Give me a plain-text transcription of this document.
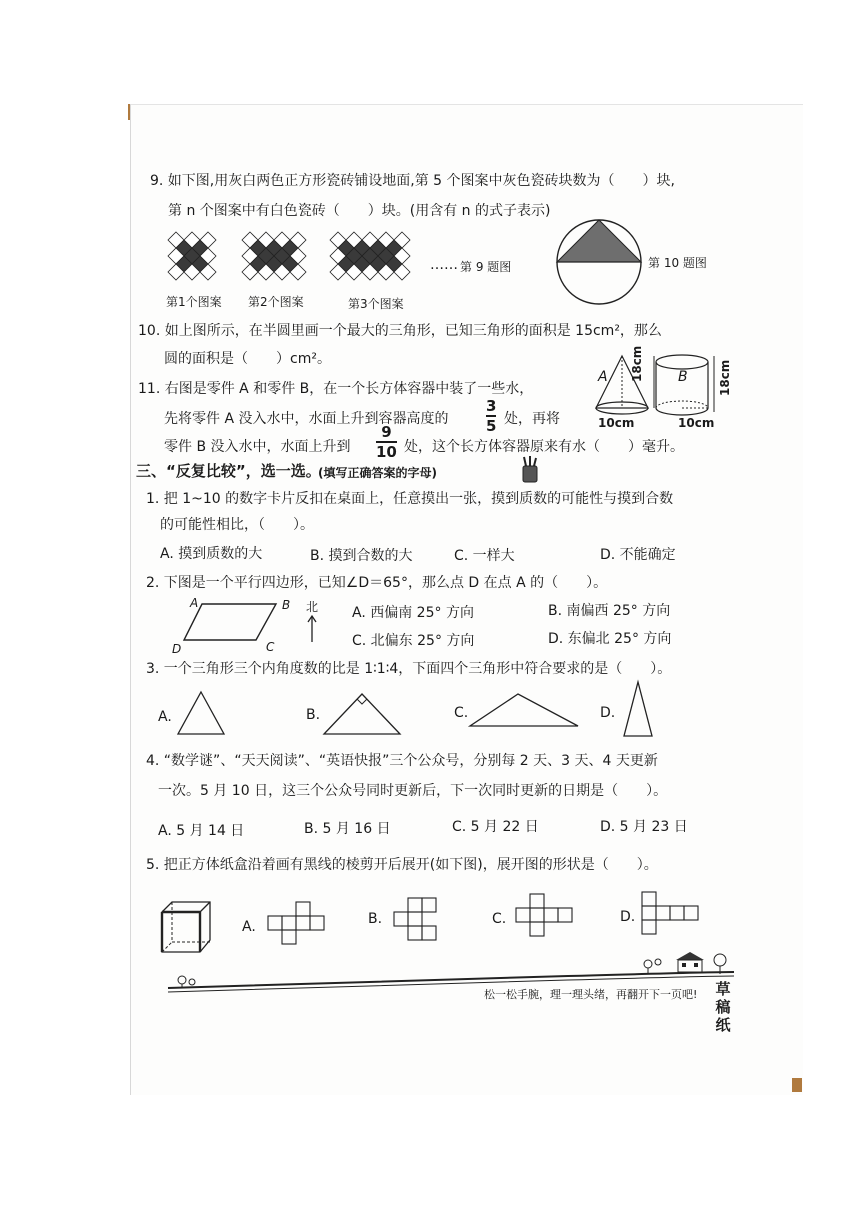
9. 如下图,用灰白两色正方形瓷砖铺设地面,第 5 个图案中灰色瓷砖块数为（　　）块,
第 n 个图案中有白色瓷砖（　　）块。(用含有 n 的式子表示)
第1个图案 第2个图案	第3个图案
…… 第 9 题图	第 10 题图
10. 如上图所示，在半圆里画一个最大的三角形，已知三角形的面积是 15cm²，那么
圆的面积是（　　）cm²。
11. 右图是零件 A 和零件 B，在一个长方体容器中装了一些水，
先将零件 A 没入水中，水面上升到容器高度的
3
5 处，再将
零件 B 没入水中，水面上升到
9
10 处，这个长方体容器原来有水（　　）毫升。
A	B
18cm	18cm
10cm	10cm
三、“反复比较”，选一选。
(填写正确答案的字母)
1. 把 1~10 的数字卡片反扣在桌面上，任意摸出一张，摸到质数的可能性与摸到合数
的可能性相比，（　　）。
A. 摸到质数的大	B. 摸到合数的大	C. 一样大	D. 不能确定
2. 下图是一个平行四边形，已知∠D＝65°，那么点 D 在点 A 的（　　）。
A	B
C
D
北 A. 西偏南 25° 方向	B. 南偏西 25° 方向
C. 北偏东 25° 方向	D. 东偏北 25° 方向
3. 一个三角形三个内角度数的比是 1∶1∶4，下面四个三角形中符合要求的是（　　）。
A.	B.	C.	D.
4. “数学谜”、“天天阅读”、“英语快报”三个公众号，分别每 2 天、3 天、4 天更新
一次。5 月 10 日，这三个公众号同时更新后，下一次同时更新的日期是（　　）。
A. 5 月 14 日	B. 5 月 16 日	C. 5 月 22 日	D. 5 月 23 日
5. 把正方体纸盒沿着画有黑线的棱剪开后展开(如下图)，展开图的形状是（　　）。
A.	B.	C.	D.
松一松手腕，理一理头绪，再翻开下一页吧! 草
稿
纸
